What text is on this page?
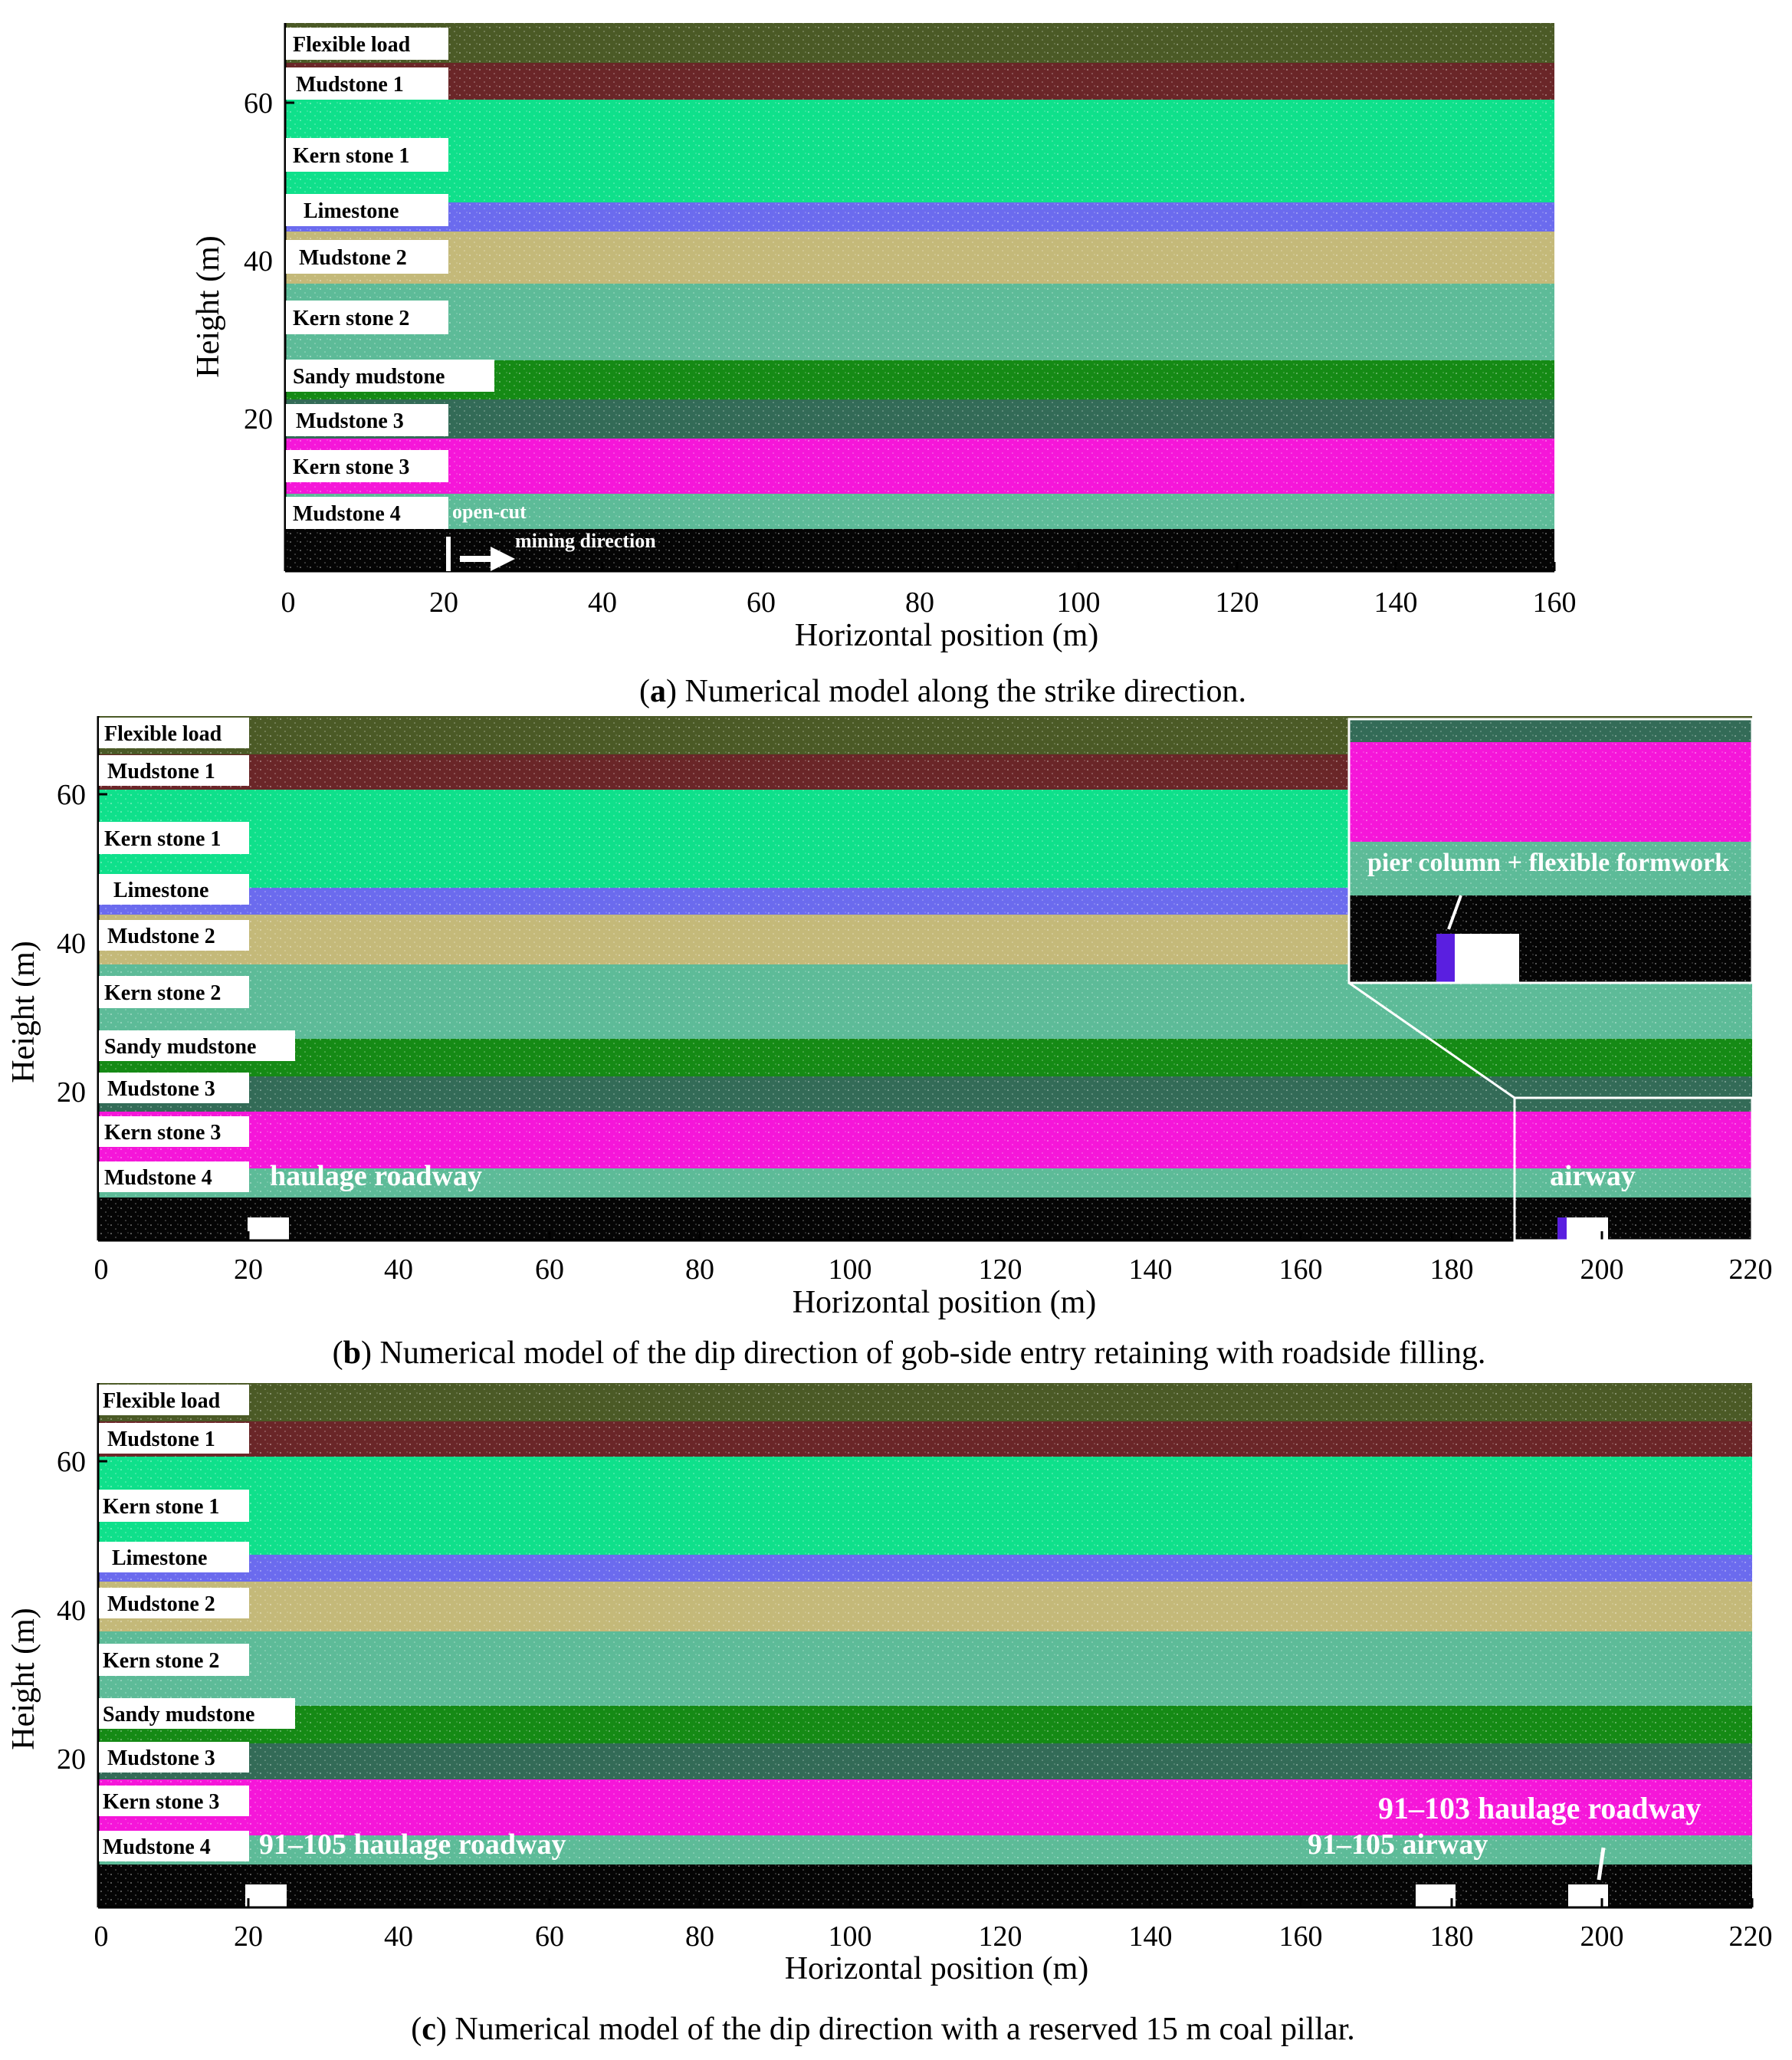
0	20	40	60	80	100	120	140	160
20
40
60
Horizontal position (m)
Height (m)
Flexible load
Mudstone 1
Kern stone 1
Limestone
Mudstone 2
Kern stone 2
Sandy mudstone
Mudstone 3
Kern stone 3
Mudstone 4	open-cut
mining direction
(a) Numerical model along the strike direction.
0	20	40	60	80	100	120	140	160	180	200	220
20
40
60
Horizontal position (m)
Height (m)
Flexible load
Mudstone 1
Kern stone 1
Limestone
Mudstone 2
Kern stone 2
Sandy mudstone
Mudstone 3
Kern stone 3
Mudstone 4 haulage roadway	airway
pier column + flexible formwork
(b) Numerical model of the dip direction of gob-side entry retaining with roadside filling.
0	20	40	60	80	100	120	140	160	180	200	220
20
40
60
Horizontal position (m)
Height (m)
Flexible load
Mudstone 1
Kern stone 1
Limestone
Mudstone 2
Kern stone 2
Sandy mudstone
Mudstone 3
Kern stone 3
Mudstone 4 91–105 haulage roadway	91–105 airway
91–103 haulage roadway
(c) Numerical model of the dip direction with a reserved 15 m coal pillar.
